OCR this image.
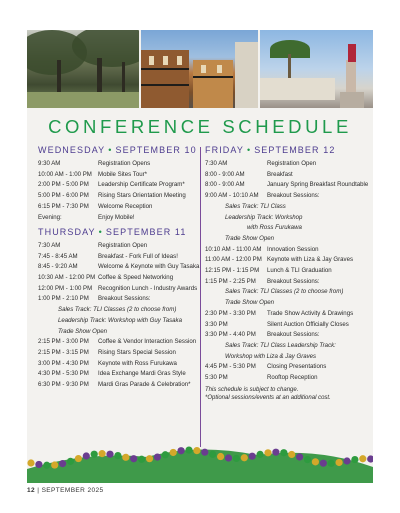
CONFERENCE SCHEDULE
WEDNESDAY • SEPTEMBER 10
9:30 AM	Registration Opens
10:00 AM - 1:00 PM	Mobile Sites Tour*
2:00 PM - 5:00 PM	Leadership Certificate Program*
5:00 PM - 6:00 PM	Rising Stars Orientation Meeting
6:15 PM - 7:30 PM	Welcome Reception
Evening:	Enjoy Mobile!
THURSDAY • SEPTEMBER 11
7:30 AM	Registration Open
7:45 - 8:45 AM	Breakfast - Fork Full of Ideas!
8:45 - 9:20 AM	Welcome & Keynote with Guy Tasaka
10:30 AM - 12:00 PM Coffee & Speed Networking
12:00 PM - 1:00 PM Recognition Lunch - Industry Awards
1:00 PM - 2:10 PM	Breakout Sessions:
Sales Track: TLI Classes (2 to choose from)
Leadership Track: Workshop with Guy Tasaka
Trade Show Open
2:15 PM - 3:00 PM	Coffee & Vendor Interaction Session
2:15 PM - 3:15 PM	Rising Stars Special Session
3:00 PM - 4:30 PM	Keynote with Ross Furukawa
4:30 PM - 5:30 PM	Idea Exchange Mardi Gras Style
6:30 PM - 9:30 PM	Mardi Gras Parade & Celebration*
FRIDAY • SEPTEMBER 12
7:30 AM	Registration Open
8:00 - 9:00 AM	Breakfast
8:00 - 9:00 AM	January Spring Breakfast Roundtable
9:00 AM - 10:10 AM	Breakout Sessions:
Sales Track: TLI Class
Leadership Track: Workshop
with Ross Furukawa
Trade Show Open
10:10 AM - 11:00 AM Innovation Session
11:00 AM - 12:00 PM Keynote with Liza & Jay Graves
12:15 PM - 1:15 PM	Lunch & TLI Graduation
1:15 PM - 2:25 PM	Breakout Sessions:
Sales Track: TLI Classes (2 to choose from)
Trade Show Open
2:30 PM - 3:30 PM	Trade Show Activity & Drawings
3:30 PM	Silent Auction Officially Closes
3:30 PM - 4:40 PM	Breakout Sessions:
Sales Track: TLI Class Leadership Track:
Workshop with Liza & Jay Graves
4:45 PM - 5:30 PM	Closing Presentations
5:30 PM	Rooftop Reception
This schedule is subject to change.
*Optional sessions/events at an additional cost.
12 | SEPTEMBER 2025
